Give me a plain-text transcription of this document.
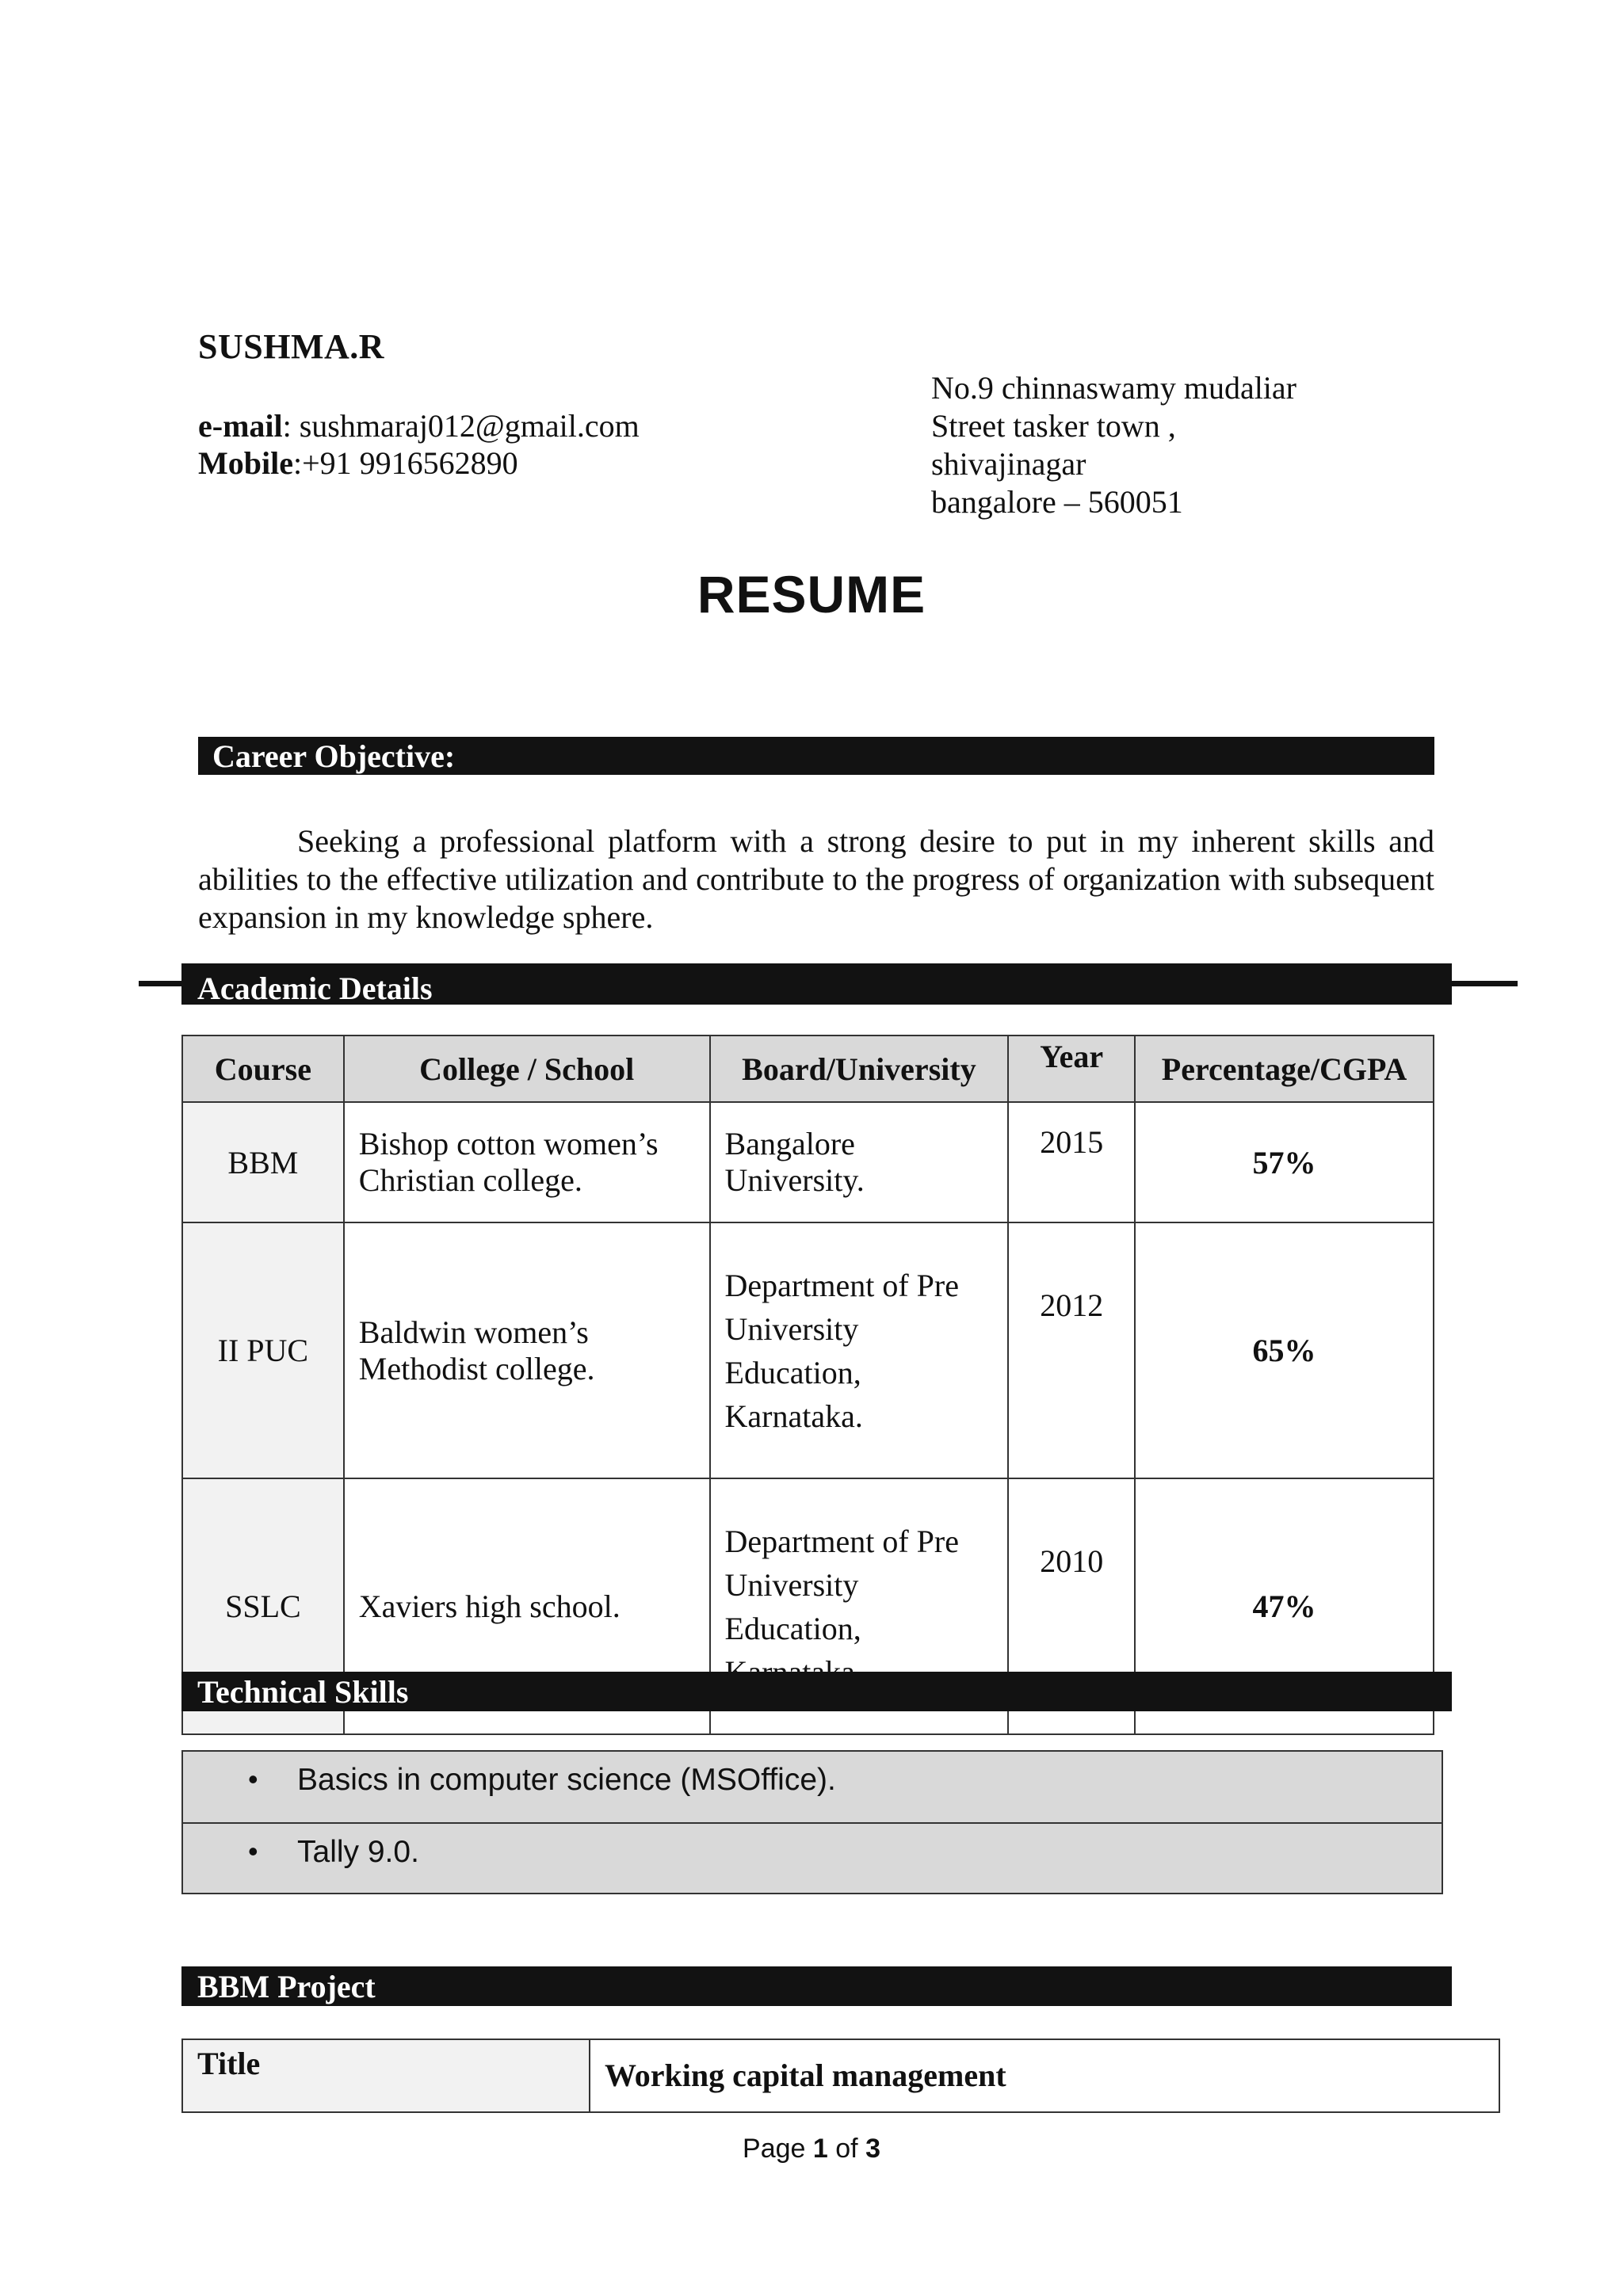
SUSHMA.R
e-mail: sushmaraj012@gmail.com
Mobile:+91 9916562890
No.9 chinnaswamy mudaliar
Street tasker town ,
shivajinagar
bangalore – 560051
RESUME
Career Objective:
Seeking a professional platform with a strong desire to put in my inherent skills and abilities to the effective utilization and contribute to the progress of organization with subsequent expansion in my knowledge sphere.
Academic Details
Course	College / School	Board/University	Year	Percentage/CGPA
BBM	Bishop cotton women’s Christian college.	Bangalore University.	2015	57%
II PUC	Baldwin women’s Methodist college.	Department of Pre University Education, Karnataka.	2012	65%
SSLC	Xaviers high school.	Department of Pre University Education,	2010	47%
Technical Skills
• Basics in computer science (MSOffice).
• Tally 9.0.
BBM Project
Title	Working capital management
Page 1 of 3
